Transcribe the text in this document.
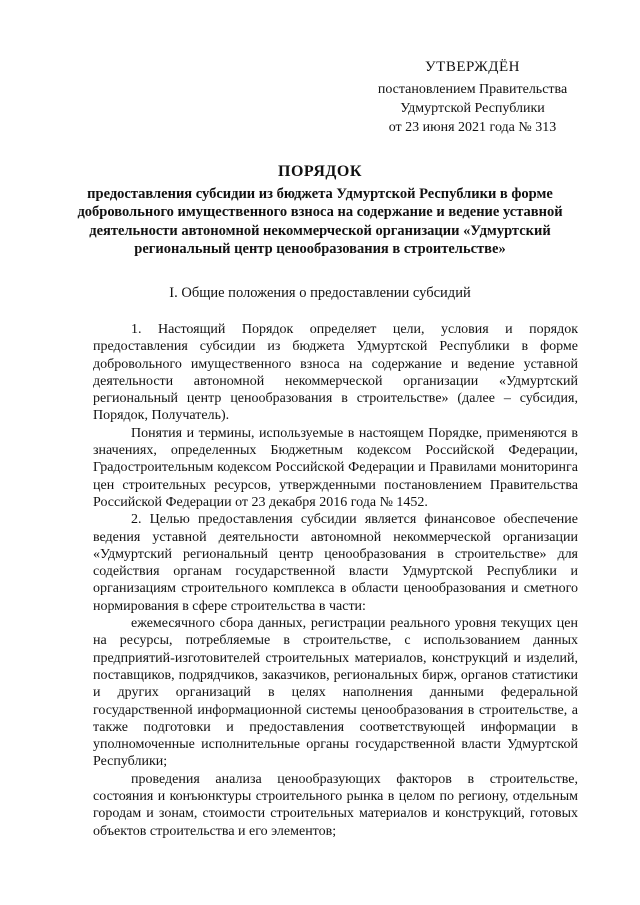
УТВЕРЖДЁН
постановлением Правительства
Удмуртской Республики
от 23 июня 2021 года № 313
ПОРЯДОК
предоставления субсидии из бюджета Удмуртской Республики в форме добровольного имущественного взноса на содержание и ведение уставной деятельности автономной некоммерческой организации «Удмуртский региональный центр ценообразования в строительстве»
I. Общие положения о предоставлении субсидий

1. Настоящий Порядок определяет цели, условия и порядок предоставления субсидии из бюджета Удмуртской Республики в форме добровольного имущественного взноса на содержание и ведение уставной деятельности автономной некоммерческой организации «Удмуртский региональный центр ценообразования в строительстве» (далее – субсидия, Порядок, Получатель).

Понятия и термины, используемые в настоящем Порядке, применяются в значениях, определенных Бюджетным кодексом Российской Федерации, Градостроительным кодексом Российской Федерации и Правилами мониторинга цен строительных ресурсов, утвержденными постановлением Правительства Российской Федерации от 23 декабря 2016 года № 1452.

2. Целью предоставления субсидии является финансовое обеспечение ведения уставной деятельности автономной некоммерческой организации «Удмуртский региональный центр ценообразования в строительстве» для содействия органам государственной власти Удмуртской Республики и организациям строительного комплекса в области ценообразования и сметного нормирования в сфере строительства в части:

ежемесячного сбора данных, регистрации реального уровня текущих цен на ресурсы, потребляемые в строительстве, с использованием данных предприятий-изготовителей строительных материалов, конструкций и изделий, поставщиков, подрядчиков, заказчиков, региональных бирж, органов статистики и других организаций в целях наполнения данными федеральной государственной информационной системы ценообразования в строительстве, а также подготовки и предоставления соответствующей информации в уполномоченные исполнительные органы государственной власти Удмуртской Республики;

проведения анализа ценообразующих факторов в строительстве, состояния и конъюнктуры строительного рынка в целом по региону, отдельным городам и зонам, стоимости строительных материалов и конструкций, готовых объектов строительства и его элементов;
